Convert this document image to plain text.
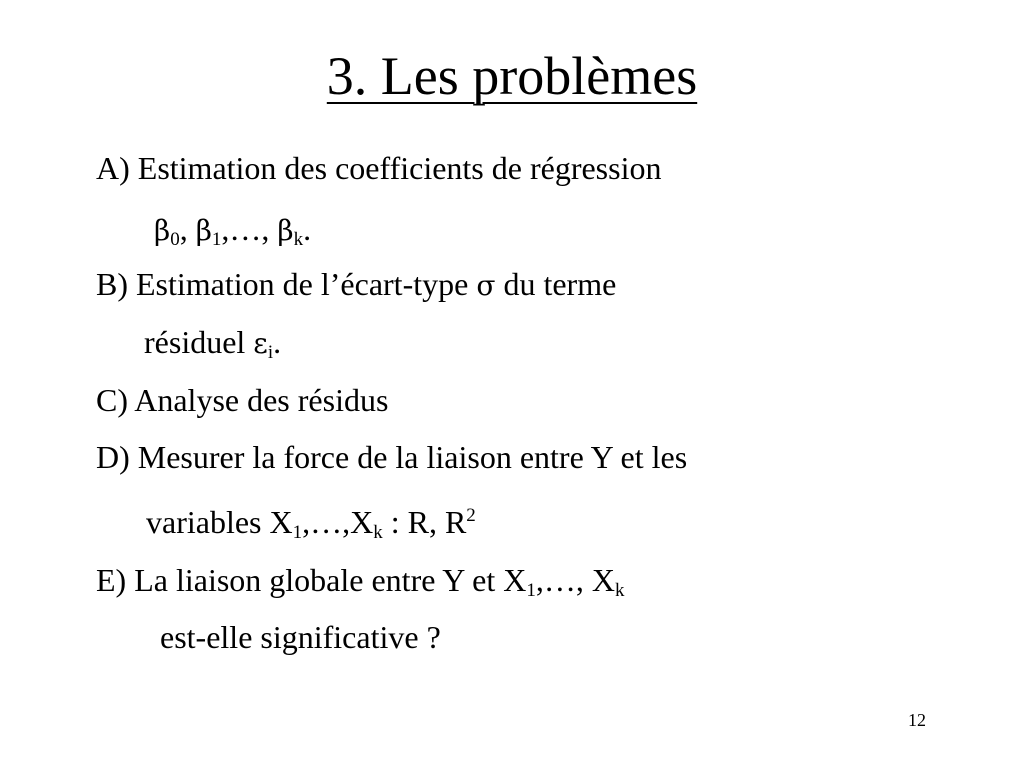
3. Les problèmes
A) Estimation des coefficients de régression
$\beta_0$, $\beta_1,\dots$, $\beta_k$.
B) Estimation de l’écart-type σ du terme
résiduel $\varepsilon_i$.
C) Analyse des résidus
D) Mesurer la force de la liaison entre Y et les
variables $X_1,\dots,X_k$ : R, $R^2$
E) La liaison globale entre Y et $X_1,\dots$, $X_k$
est-elle significative ?
12
